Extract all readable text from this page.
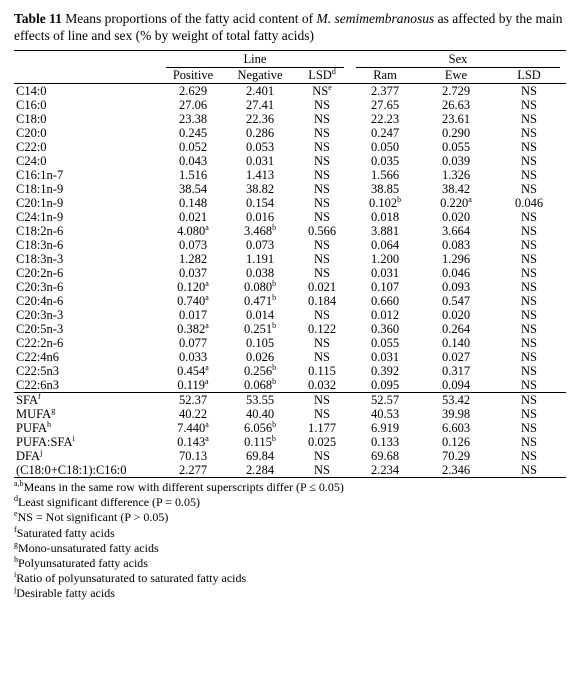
Table 11 Means proportions of the fatty acid content of M. semimembranosus as affected by the main effects of line and sex (% by weight of total fatty acids)

	Line			Sex		

	Positive	Negative	LSD$^d$	Ram	Ewe	LSD
C14:0	2.629	2.401	$NS^e$	2.377	2.729	NS
C16:0	27.06	27.41	NS	27.65	26.63	NS
C18:0	23.38	22.36	NS	22.23	23.61	NS
C20:0	0.245	0.286	NS	0.247	0.290	NS
C22:0	0.052	0.053	NS	0.050	0.055	NS
C24:0	0.043	0.031	NS	0.035	0.039	NS
C16:1n-7	1.516	1.413	NS	1.566	1.326	NS
C18:1n-9	38.54	38.82	NS	38.85	38.42	NS
C20:1n-9	0.148	0.154	NS	0.102$^b$	0.220$^a$	0.046
C24:1n-9	0.021	0.016	NS	0.018	0.020	NS
C18:2n-6	4.080$^a$	3.468$^b$	0.566	3.881	3.664	NS
C18:3n-6	0.073	0.073	NS	0.064	0.083	NS
C18:3n-3	1.282	1.191	NS	1.200	1.296	NS
C20:2n-6	0.037	0.038	NS	0.031	0.046	NS
C20:3n-6	0.120$^a$	0.080$^b$	0.021	0.107	0.093	NS
C20:4n-6	0.740$^a$	0.471$^b$	0.184	0.660	0.547	NS
C20:3n-3	0.017	0.014	NS	0.012	0.020	NS
C20:5n-3	0.382$^a$	0.251$^b$	0.122	0.360	0.264	NS
C22:2n-6	0.077	0.105	NS	0.055	0.140	NS
C22:4n6	0.033	0.026	NS	0.031	0.027	NS
C22:5n3	0.454$^a$	0.256$^b$	0.115	0.392	0.317	NS
C22:6n3	0.119$^a$	0.068$^b$	0.032	0.095	0.094	NS
SFA$^f$	52.37	53.55	NS	52.57	53.42	NS
MUFA$^g$	40.22	40.40	NS	40.53	39.98	NS
PUFA$^h$	7.440$^a$	6.056$^b$	1.177	6.919	6.603	NS
PUFA:SFA$^i$	0.143$^a$	0.115$^b$	0.025	0.133	0.126	NS
DFA$^j$	70.13	69.84	NS	69.68	70.29	NS
(C18:0+C18:1):C16:0	2.277	2.284	NS	2.234	2.346	NS
$^{a,b}$Means in the same row with different superscripts differ (P ≤ 0.05)
$^d$Least significant difference (P = 0.05)
$^e$NS = Not significant (P > 0.05)
$^f$Saturated fatty acids
$^g$Mono-unsaturated fatty acids
$^h$Polyunsaturated fatty acids
$^i$Ratio of polyunsaturated to saturated fatty acids
$^j$Desirable fatty acids
